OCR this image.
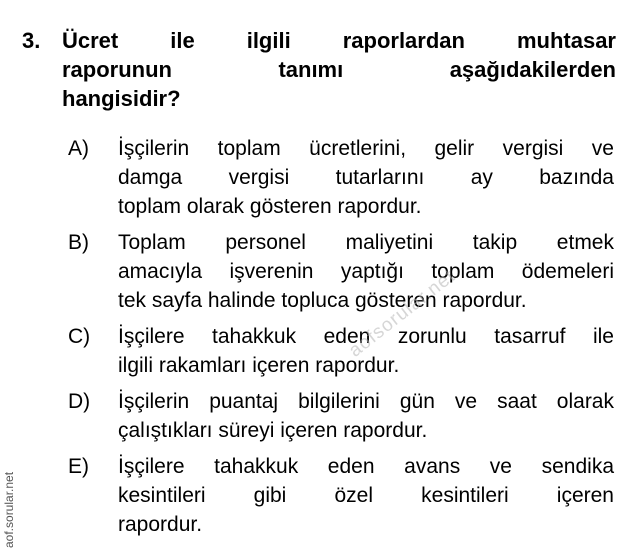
3. Ücret ile ilgili raporlardan muhtasar
raporunun tanımı aşağıdakilerden
hangisidir?
A) İşçilerin toplam ücretlerini, gelir vergisi ve
damga vergisi tutarlarını ay bazında
toplam olarak gösteren rapordur.
B) Toplam personel maliyetini takip etmek
amacıyla işverenin yaptığı toplam ödemeleri
tek sayfa halinde topluca gösteren rapordur.
C) İşçilere tahakkuk eden zorunlu tasarruf ile
ilgili rakamları içeren rapordur.
D) İşçilerin puantaj bilgilerini gün ve saat olarak
çalıştıkları süreyi içeren rapordur.
E) İşçilere tahakkuk eden avans ve sendika
kesintileri gibi özel kesintileri içeren
rapordur.
aofsorular.net
aof.sorular.net
